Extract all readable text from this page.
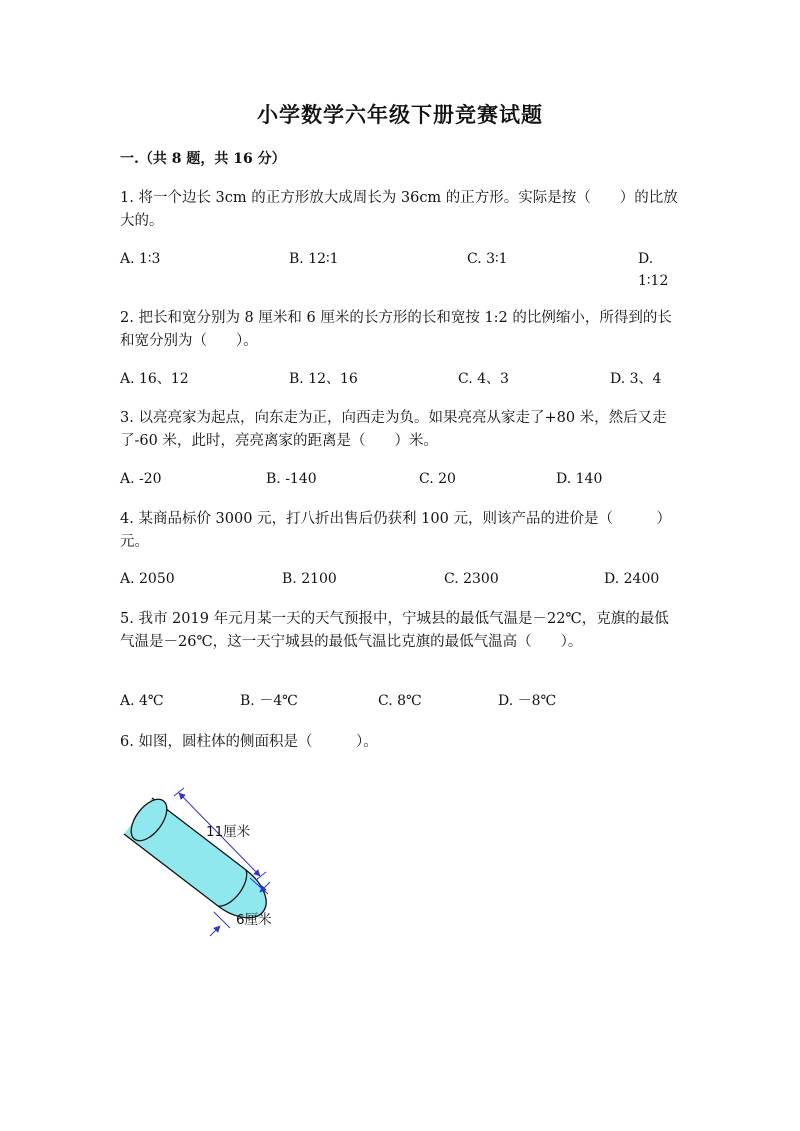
小学数学六年级下册竞赛试题
一.（共 8 题，共 16 分）
1. 将一个边长 3cm 的正方形放大成周长为 36cm 的正方形。实际是按（　　）的比放大的。
A. 1∶3	B. 12∶1	C. 3∶1	D. 1∶12
2. 把长和宽分别为 8 厘米和 6 厘米的长方形的长和宽按 1:2 的比例缩小，所得到的长和宽分别为（　　）。
A. 16、12	B. 12、16	C. 4、3	D. 3、4
3. 以亮亮家为起点，向东走为正，向西走为负。如果亮亮从家走了+80 米，然后又走了-60 米，此时，亮亮离家的距离是（　　）米。
A. -20	B. -140	C. 20	D. 140
4. 某商品标价 3000 元，打八折出售后仍获利 100 元，则该产品的进价是（　　　）元。
A. 2050	B. 2100	C. 2300	D. 2400
5. 我市 2019 年元月某一天的天气预报中，宁城县的最低气温是－22℃，克旗的最低气温是－26℃，这一天宁城县的最低气温比克旗的最低气温高（　　）。
A. 4℃	B. －4℃	C. 8℃	D. －8℃
6. 如图，圆柱体的侧面积是（　　　）。
11厘米
6厘米
